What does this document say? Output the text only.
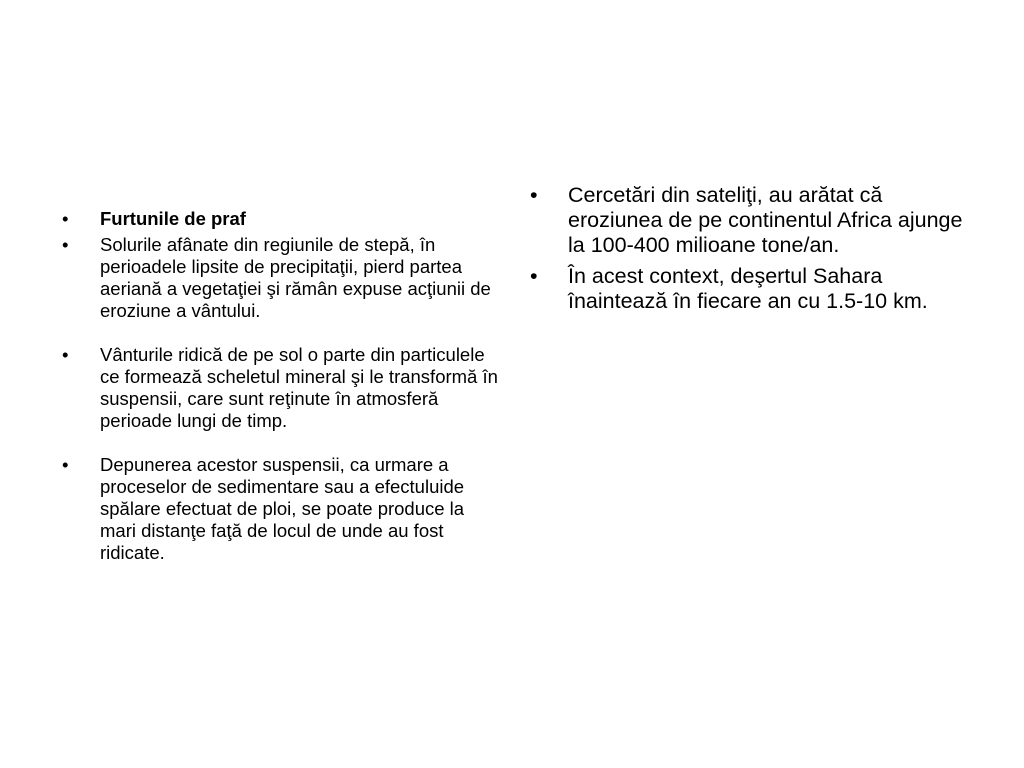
•	Furtunile de praf
•	Solurile afânate din regiunile de stepă, în perioadele lipsite de precipitaţii, pierd partea aeriană a vegetaţiei şi rămân expuse acţiunii de eroziune a vântului.
•	Vânturile ridică de pe sol o parte din particulele ce formează scheletul mineral şi le transformă în suspensii, care sunt reţinute în atmosferă perioade lungi de timp.
•	Depunerea acestor suspensii, ca urmare a proceselor de sedimentare sau a efectuluide spălare efectuat de ploi, se poate produce la mari distanţe faţă de locul de unde au fost ridicate.
•	Cercetări din sateliţi, au arătat că eroziunea de pe continentul Africa ajunge la 100-400 milioane tone/an.
•	În acest context, deşertul Sahara înaintează în fiecare an cu 1.5-10 km.
